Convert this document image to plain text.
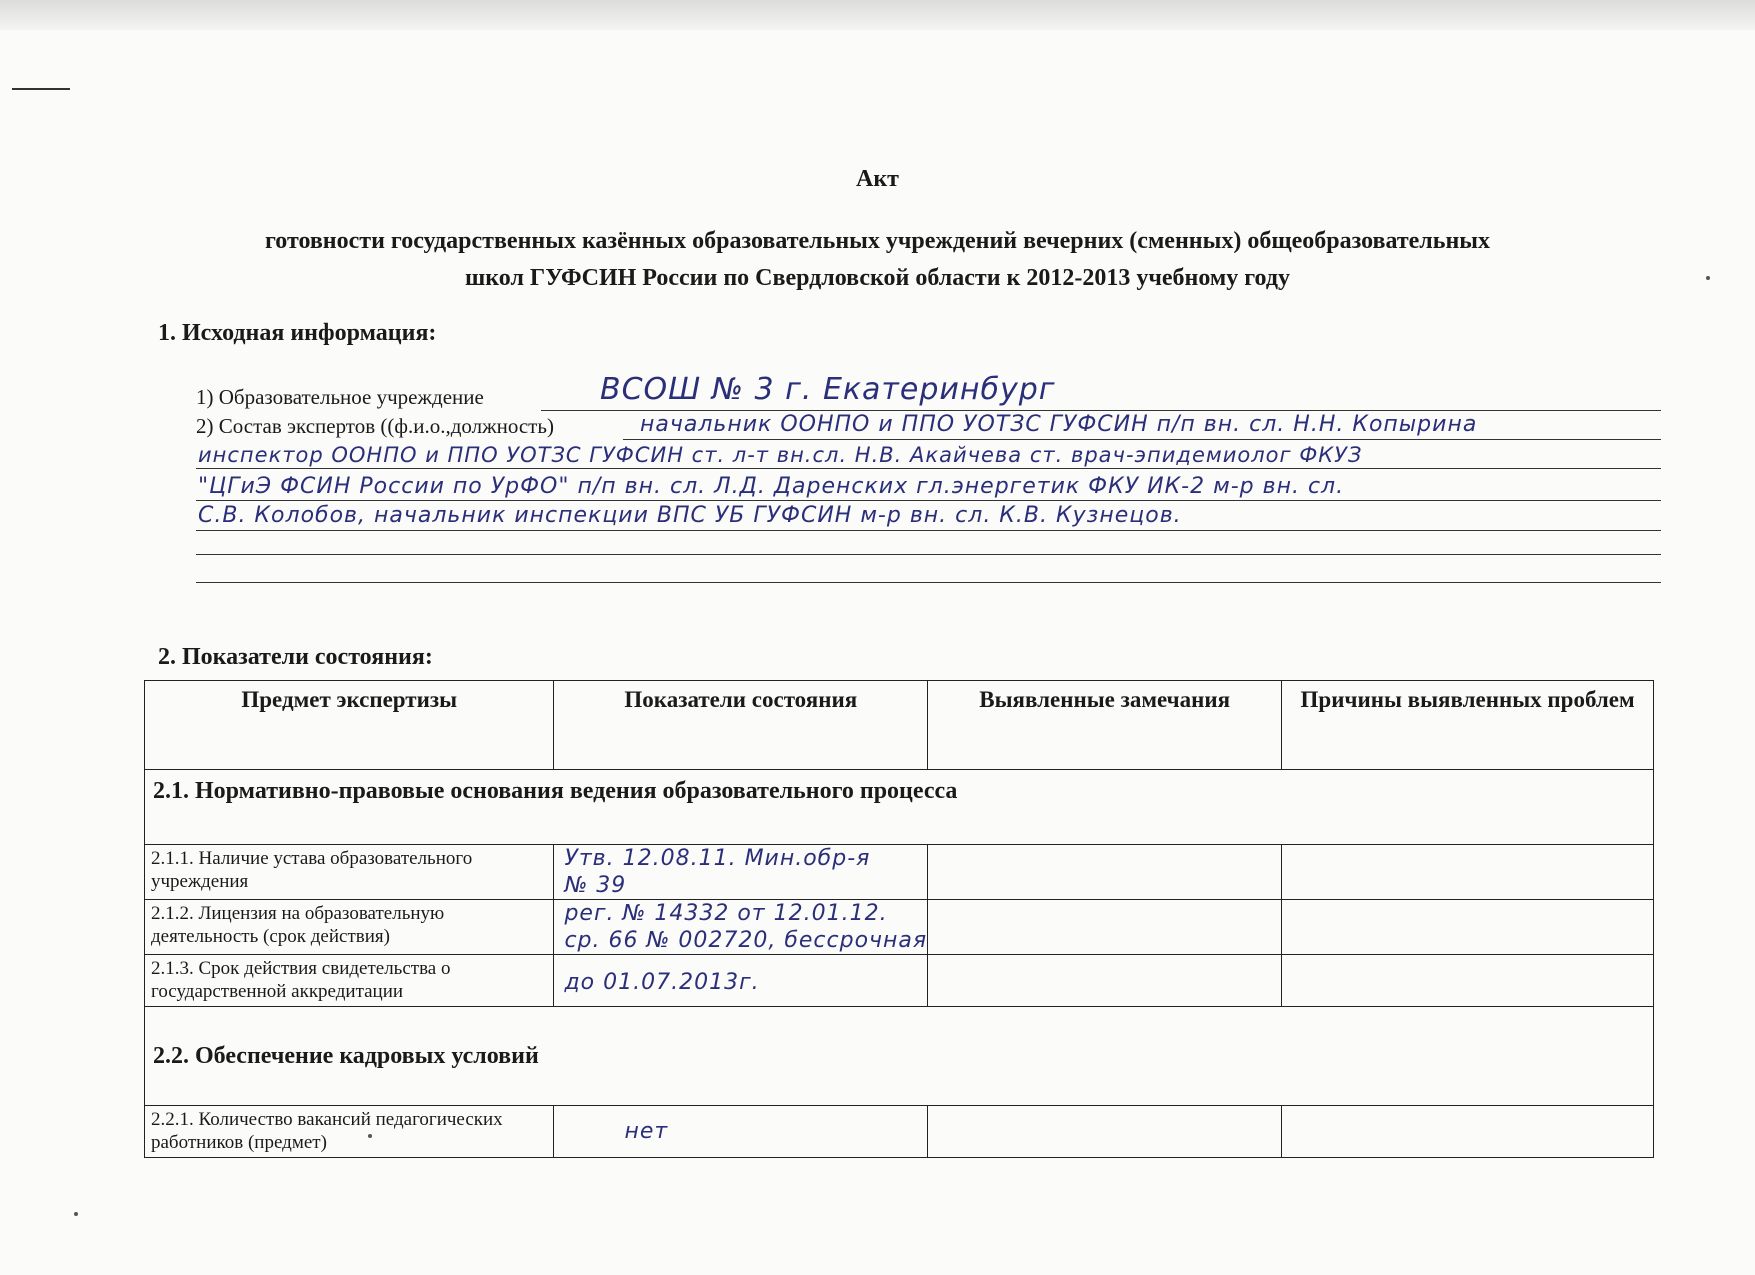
Акт
готовности государственных казённых образовательных учреждений вечерних (сменных) общеобразовательных
школ ГУФСИН России по Свердловской области к 2012-2013 учебному году
1. Исходная информация:
1) Образовательное учреждение	ВСОШ № 3 г. Екатеринбург
2) Состав экспертов ((ф.и.о.,должность)	начальник ООНПО и ППО УОТЗС ГУФСИН п/п вн. сл. Н.Н. Копырина
инспектор ООНПО и ППО УОТЗС ГУФСИН ст. л-т вн.сл. Н.В. Акайчева ст. врач-эпидемиолог ФКУЗ
"ЦГиЭ ФСИН России по УрФО" п/п вн. сл. Л.Д. Даренских гл.энергетик ФКУ ИК-2 м-р вн. сл.
С.В. Колобов, начальник инспекции ВПС УБ ГУФСИН м-р вн. сл. К.В. Кузнецов.
2. Показатели состояния:
Предмет экспертизы	Показатели состояния	Выявленные замечания	Причины выявленных проблем
2.1. Нормативно-правовые основания ведения образовательного процесса			
2.1.1. Наличие устава образовательного учреждения	Утв. 12.08.11. Мин.обр-я
№ 39		

2.1.2. Лицензия на образовательную деятельность (срок действия)	рег. № 14332 от 12.01.12.
ср. 66 № 002720, бессрочная		

2.1.3. Срок действия свидетельства о государственной аккредитации	до 01.07.2013г.		

2.2. Обеспечение кадровых условий			
2.2.1. Количество вакансий педагогических работников (предмет)	нет		
